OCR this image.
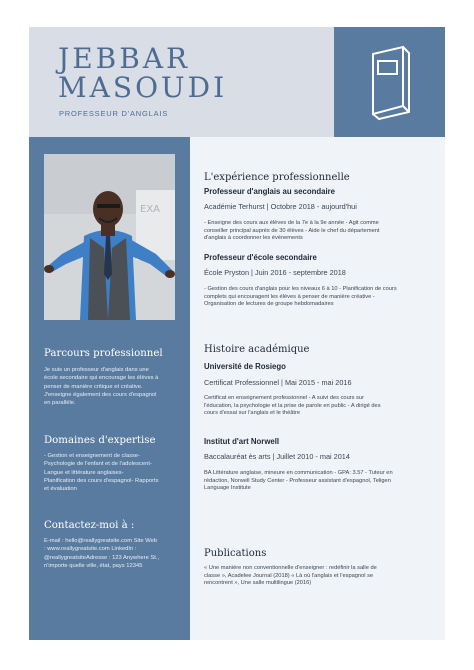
JEBBAR
MASOUDI
PROFESSEUR D'ANGLAIS
EXA
Parcours professionnel

Je suis un professeur d'anglais dans une
école secondaire qui encourage les élèves à
penser de manière critique et créative.
J'enseigne également des cours d'espagnol
en parallèle.

Domaines d'expertise

- Gestion et enseignement de classe-
Psychologie de l'enfant et de l'adolescent-
Langue et littérature anglaises-
Planification des cours d'espagnol- Rapports
et évaluation

Contactez-moi à :

E-mail : hello@reallygreatsite.com Site Web
: www.reallygreatsite.com LinkedIn :
@reallygreatsiteAdresse : 123 Anywhere St.,
n'importe quelle ville, état, pays 12345

L'expérience professionnelle
Professeur d'anglais au secondaire
Académie Terhurst | Octobre 2018 - aujourd'hui

- Enseigne des cours aux élèves de la 7e à la 9e année - Agit comme
conseiller principal auprès de 30 élèves - Aide le chef du département
d'anglais à coordonner les événements

Professeur d'école secondaire
École Pryston | Juin 2016 - septembre 2018

- Gestion des cours d'anglais pour les niveaux 6 à 10 - Planification de cours
complets qui encouragent les élèves à penser de manière créative -
Organisation de lectures de groupe hebdomadaires

Histoire académique
Université de Rosiego
Certificat Professionnel | Mai 2015 - mai 2016

Certificat en enseignement professionnel - A suivi des cours sur
l'éducation, la psychologie et la prise de parole en public - A dirigé des
cours d'essai sur l'anglais et le théâtre

Institut d'art Norwell
Baccalauréat ès arts | Juillet 2010 - mai 2014

BA Littérature anglaise, mineure en communication - GPA: 3.57 - Tuteur en
rédaction, Norwell Study Center - Professeur assistant d'espagnol, Teligen
Language Institute

Publications

« Une manière non conventionnelle d'enseigner : redéfinir la salle de
classe », Acadelee Journal (2018) « Là où l'anglais et l'espagnol se
rencontrent », Une salle multilingue (2016)
